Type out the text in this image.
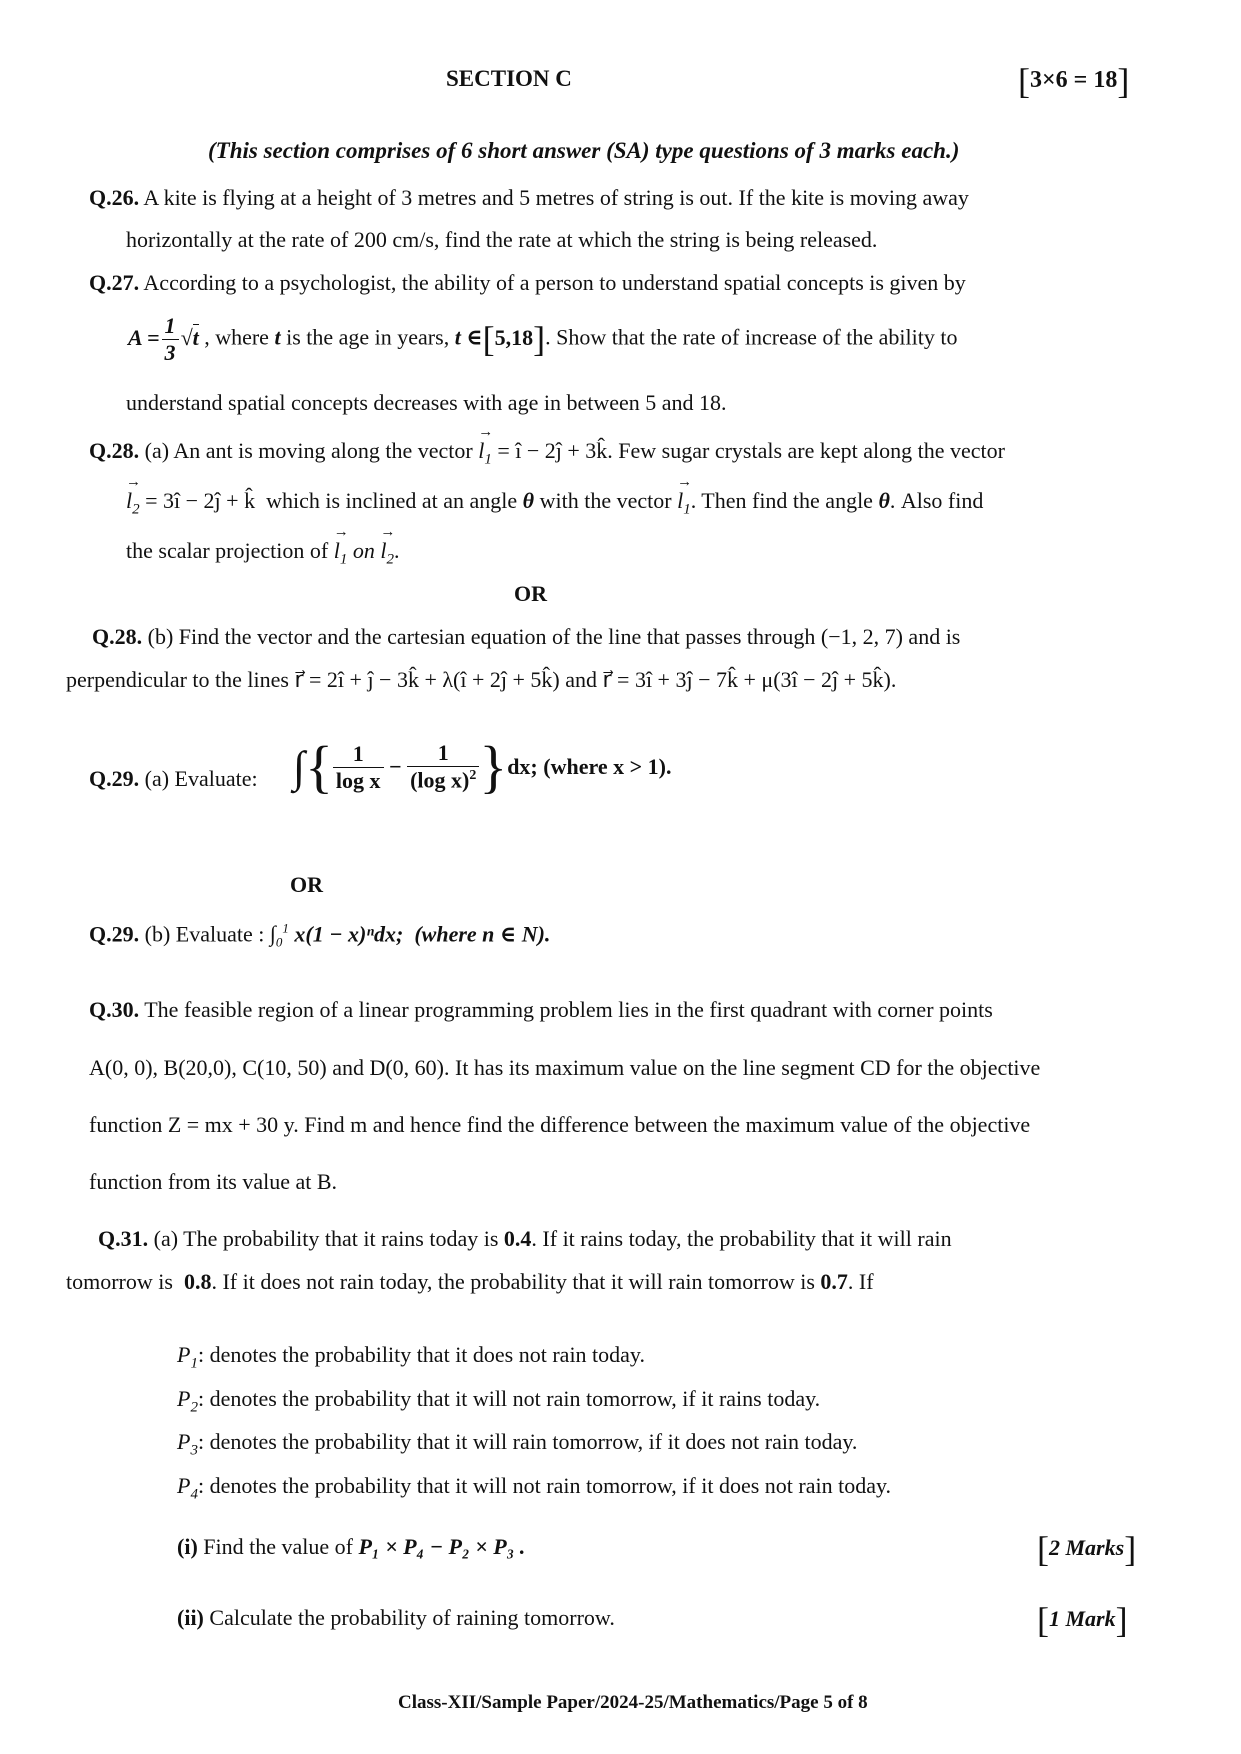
SECTION C	[3×6 = 18]
(This section comprises of 6 short answer (SA) type questions of 3 marks each.)
Q.26. A kite is flying at a height of 3 metres and 5 metres of string is out. If the kite is moving away
horizontally at the rate of 200 cm/s, find the rate at which the string is being released.
Q.27. According to a psychologist, the ability of a person to understand spatial concepts is given by
$A = \frac{1}{3} √t$ , where t is the age in years, t ∈[5,18]. Show that the rate of increase of the ability to
understand spatial concepts decreases with age in between 5 and 18.
Q.28. (a) An ant is moving along the vector → $l_1$ = î − 2ĵ + 3k̂. Few sugar crystals are kept along the vector
→ $l_2$ = 3î − 2ĵ + k̂ which is inclined at an angle θ with the vector → $l_1$. Then find the angle θ. Also find
the scalar projection of → $l_1$ on → $l_2$.
OR
Q.28. (b) Find the vector and the cartesian equation of the line that passes through (−1, 2, 7) and is
perpendicular to the lines r⃗ = 2î + ĵ − 3k̂ + λ(î + 2ĵ + 5k̂) and r⃗ = 3î + 3ĵ − 7k̂ + μ(3î − 2ĵ + 5k̂).
Q.29. (a) Evaluate: ∫{ $\frac{1}{\text{log x}} - \frac{1}{(\log x)^2} \}dx$; (where x > 1).
OR
Q.29. (b) Evaluate : $\int_0^1$ x(1 − x)ⁿdx; (where n ∈ N).
Q.30. The feasible region of a linear programming problem lies in the first quadrant with corner points
A(0, 0), B(20,0), C(10, 50) and D(0, 60). It has its maximum value on the line segment CD for the objective
function Z = mx + 30 y. Find m and hence find the difference between the maximum value of the objective
function from its value at B.
Q.31. (a) The probability that it rains today is 0.4. If it rains today, the probability that it will rain
tomorrow is 0.8. If it does not rain today, the probability that it will rain tomorrow is 0.7. If
$P_1$: denotes the probability that it does not rain today.
$P_2$: denotes the probability that it will not rain tomorrow, if it rains today.
$P_3$: denotes the probability that it will rain tomorrow, if it does not rain today.
$P_4$: denotes the probability that it will not rain tomorrow, if it does not rain today.
(i) Find the value of P₁ × P₄ − P₂ × P₃ .	[2 Marks]
(ii) Calculate the probability of raining tomorrow.	[1 Mark]
Class-XII/Sample Paper/2024-25/Mathematics/Page 5 of 8
